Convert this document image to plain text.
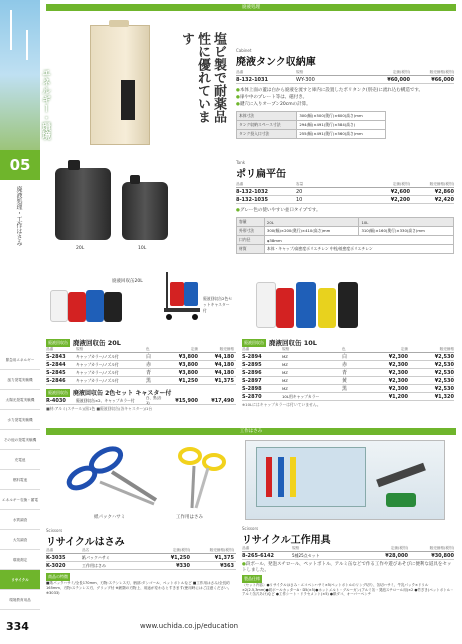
エネルギー・環境
05
廃液処理・工作はさみ
緊急用エネルギー
風力発電実験機
太陽光発電実験機
水力発電実験機
その他の発電実験機
充電池
燃料電池
エネルギー変換・蓄電
水質調査
大気調査
環境測定
リサイクル
環境教育用品
廃液処理
塩ビ製で耐薬品性に優れています
Cabinet
廃液タンク収納庫
品番	規格	定価(税別)	販売価格(税別)
8-132-1031	WY-300	¥60,000	¥66,000
●本体上面の蓋は白から廃液を流すと庫内に設置したポリタンク(別売)に流れ込む構造です。
●扉や中のプレート等は、磁付き。
●鍵穴に入りオープン20cmの計算。
本体寸法	300(幅)×500(奥行)×600(高さ)mm
タンク収納スペース寸法	294(幅)×491(奥行)×584(高さ)
タンク投入口寸法	255(幅)×491(奥行)×560(高さ)mm
20L	10L
Tank
ポリ扁平缶
品番	容量	定価(税別)	販売価格(税別)
8-132-1032	20	¥2,600	¥2,860
8-132-1035	10	¥2,200	¥2,420
●グレー色の使いやすい並口タイプです。
容量	20L	10L
外形寸法	300(幅)×200(奥行)×410(高さ)mm	310(幅)×160(奥行)×330(高さ)mm
口内径	φ38mm	
材質	本体・キャップ/高密度ポリエチレン 中栓/低密度ポリエチレン	
廃液回収缶20L
廃液回収缶2色セットキャスター付
廃液回収缶 廃液回収缶 20L
品番	規格	色	定価	販売価格
S-2843	キャップカラー/ノズル付	白	¥3,800	¥4,180
S-2844	キャップカラー/ノズル付	赤	¥3,800	¥4,180
S-2845	キャップカラー/ノズル付	青	¥3,800	¥4,180
S-2846	キャップカラー/ノズル付	黒	¥1,250	¥1,375
廃液回収缶 廃液回収缶 2色セット キャスター付
R-4030	廃液回収缶×2、キャップカラー付	白、黒(各1)	¥15,900	¥17,490
■材:アルミ(スチール)/黒1色 ■廃液回収缶(各キャスター)/1台
廃液回収缶 廃液回収缶 10L
品番	規格	色	定価	販売価格
S-2894	MZ	白	¥2,300	¥2,530
S-2895	MZ	赤	¥2,300	¥2,530
S-2896	MZ	青	¥2,300	¥2,530
S-2897	MZ	黄	¥2,300	¥2,530
S-2898	MZ	黒	¥2,300	¥2,530
S-2870	10L用キャップカラー	¥1,200	¥1,320
※10Lにはキャップカラーは付いていません。
工作はさみ
紙パックハサミ	工作用はさみ
Scissors
リサイクルはさみ
品番	品名	定価(税別)	販売価格(税別)
K-3035	紙パックハサミ	¥1,250	¥1,375
K-3020	工作用はさみ	¥330	¥363
商品の特徴
■紙パックハサミ/全長170mm、刃物:ステンレス刃、柄部:ダンゴール、ペットボトルなど ■工作用はさみ/全長約165mm、刃物:ステンレス刃、グリップ付 ※鋏類の刃物上、用途が変わるとすきます(使用時にはご注意ください。※3033)
Scissors
リサイクル工作用具
品番	規格	定価(税別)	販売価格(税別)
8-265-6142	5種25点セット	¥28,000	¥30,800
●段ボール、発泡スチロール、ペットボトル、アルミ缶などで作る工作や遊びあそびに便利な道具をセットしました。
製品仕様
〈セット内容〉●リサイクルはさみ・エコペンハサミ×5/ペットボトルのリング切り、缶切ハサミ、牛乳パック×ドリル×2(2.5,3mm)●切ボールカッターA・D5(×5)●ホットメルト・グルーガン(アルミ缶・発泡スチロール用)×2 ●竹ぎき(ペットボトル・アルミ缶穴あけ)など ●工作シート・ドラセメント(×5) ●紙ダコ、オーバーペンチ
334	www.uchida.co.jp/education
